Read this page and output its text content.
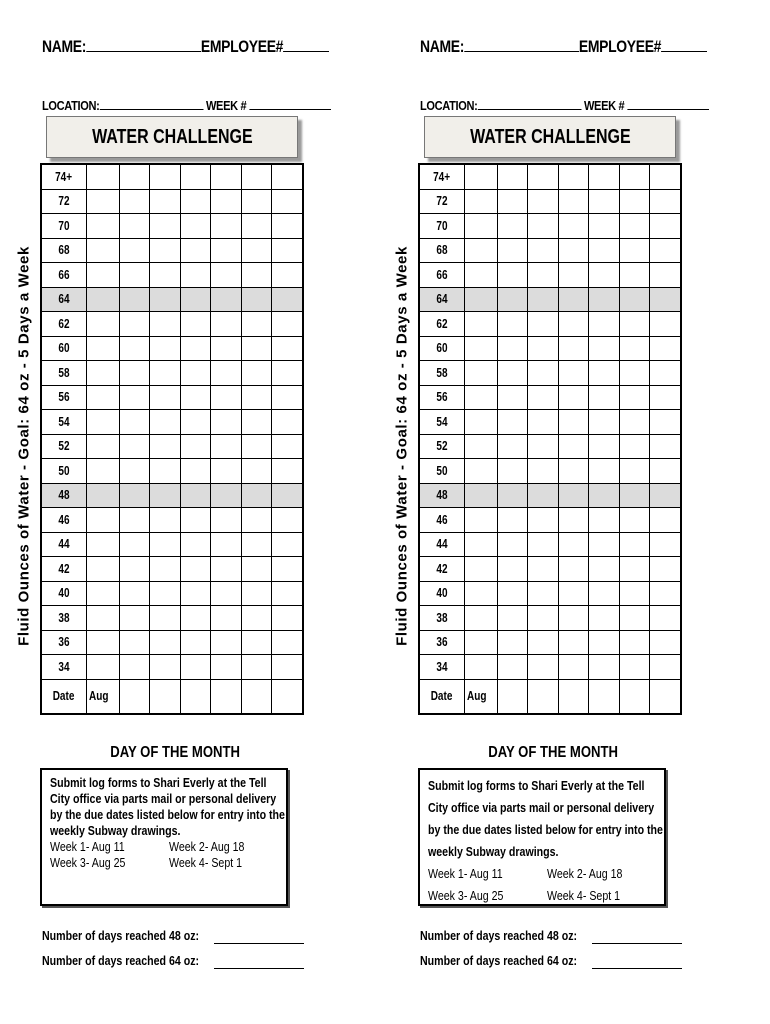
NAME:	EMPLOYEE#
LOCATION:	WEEK #
WATER CHALLENGE
Fluid Ounces of Water - Goal: 64 oz - 5 Days a Week
74+							
72							
70							
68							
66							
64							
62							
60							
58							
56							
54							
52							
50							
48							
46							
44							
42							
40							
38							
36							
34							
Date	Aug						
DAY OF THE MONTH
Submit log forms to Shari Everly at the Tell City office via parts mail or personal delivery by the due dates listed below for entry into the weekly Subway drawings.
Week 1- Aug 11	Week 2- Aug 18
Week 3- Aug 25	Week 4- Sept 1
Number of days reached 48 oz:
Number of days reached 64 oz:
NAME:	EMPLOYEE#
LOCATION:	WEEK #
WATER CHALLENGE
Fluid Ounces of Water - Goal: 64 oz - 5 Days a Week
74+							
72							
70							
68							
66							
64							
62							
60							
58							
56							
54							
52							
50							
48							
46							
44							
42							
40							
38							
36							
34							
Date	Aug						
DAY OF THE MONTH
Submit log forms to Shari Everly at the Tell City office via parts mail or personal delivery by the due dates listed below for entry into the weekly Subway drawings.
Week 1- Aug 11	Week 2- Aug 18
Week 3- Aug 25	Week 4- Sept 1
Number of days reached 48 oz:
Number of days reached 64 oz:
